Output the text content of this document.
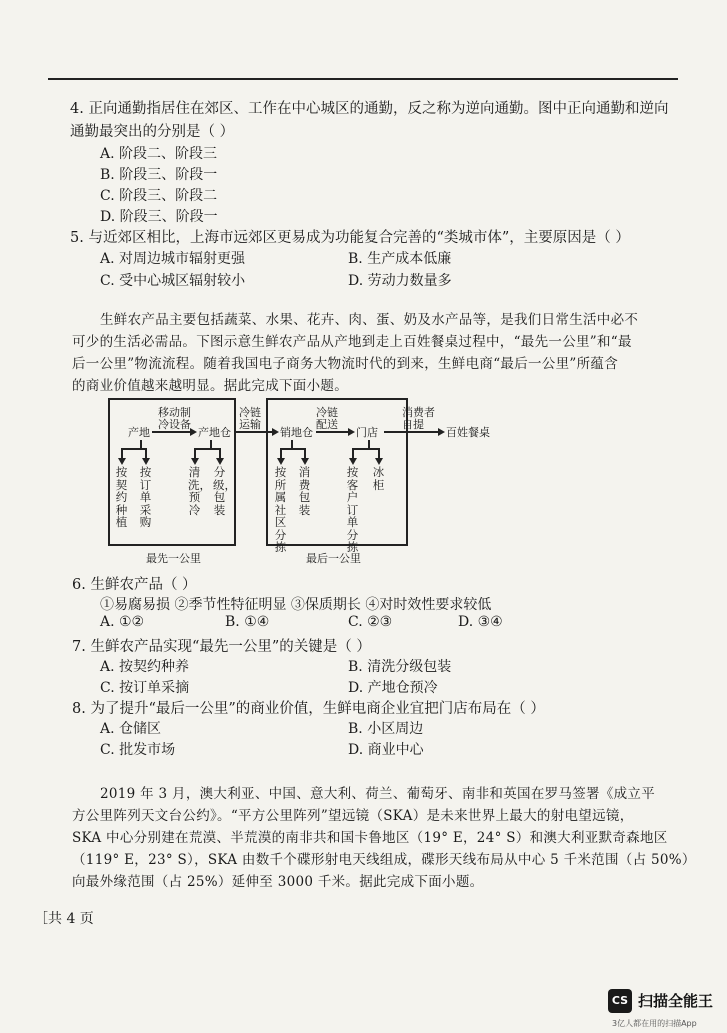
4. 正向通勤指居住在郊区、工作在中心城区的通勤，反之称为逆向通勤。图中正向通勤和逆向
通勤最突出的分别是（ ）
A. 阶段二、阶段三
B. 阶段三、阶段一
C. 阶段三、阶段二
D. 阶段三、阶段一
5. 与近郊区相比，上海市远郊区更易成为功能复合完善的“类城市体”，主要原因是（ ）
A. 对周边城市辐射更强	B. 生产成本低廉
C. 受中心城区辐射较小	D. 劳动力数量多
生鲜农产品主要包括蔬菜、水果、花卉、肉、蛋、奶及水产品等，是我们日常生活中必不
可少的生活必需品。下图示意生鲜农产品从产地到走上百姓餐桌过程中，“最先一公里”和“最
后一公里”物流流程。随着我国电子商务大物流时代的到来，生鲜电商“最后一公里”所蕴含
的商业价值越来越明显。据此完成下面小题。
产地
移动制
冷设备
产地仓
冷链
运输
销地仓
冷链
配送
门店
消费者
自提
百姓餐桌
按契约种植
按订单采购
清洗，预冷
分级，包装
按所属社区分拣
消费包装
按客户订单分拣
冰柜
最先一公里	最后一公里
6. 生鲜农产品（ ）
①易腐易损 ②季节性特征明显 ③保质期长 ④对时效性要求较低
A. ①②	B. ①④	C. ②③	D. ③④
7. 生鲜农产品实现“最先一公里”的关键是（ ）
A. 按契约种养	B. 清洗分级包装
C. 按订单采摘	D. 产地仓预冷
8. 为了提升“最后一公里”的商业价值，生鲜电商企业宜把门店布局在（ ）
A. 仓储区	B. 小区周边
C. 批发市场	D. 商业中心
2019 年 3 月，澳大利亚、中国、意大利、荷兰、葡萄牙、南非和英国在罗马签署《成立平
方公里阵列天文台公约》。“平方公里阵列”望远镜（SKA）是未来世界上最大的射电望远镜，
SKA 中心分别建在荒漠、半荒漠的南非共和国卡鲁地区（19° E，24° S）和澳大利亚默奇森地区
（119° E，23° S），SKA 由数千个碟形射电天线组成，碟形天线布局从中心 5 千米范围（占 50%）
向最外缘范围（占 25%）延伸至 3000 千米。据此完成下面小题。
［共 4 页
CS 扫描全能王
3亿人都在用的扫描App
